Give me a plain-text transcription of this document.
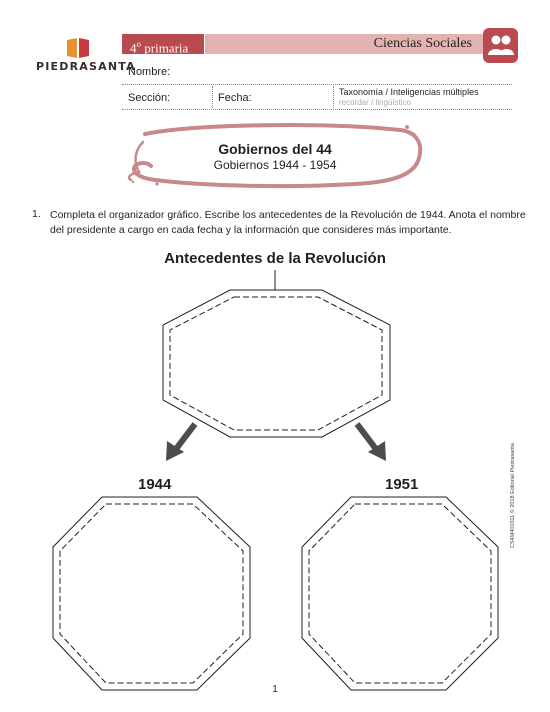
PIEDRASANTA
4$^o$ primaria	Ciencias Sociales
Nombre:
Sección:	Fecha:	Taxonomía / Inteligencias múltiples
recordar / lingüístico
Gobiernos del 44
Gobiernos 1944 - 1954
1. Completa el organizador gráfico. Escribe los antecedentes de la Revolución de 1944. Anota el nombre del presidente a cargo en cada fecha y la información que consideres más importante.
Antecedentes de la Revolución
1944	1951	CS4M401011 © 2018 Editorial Piedrasanta
1
